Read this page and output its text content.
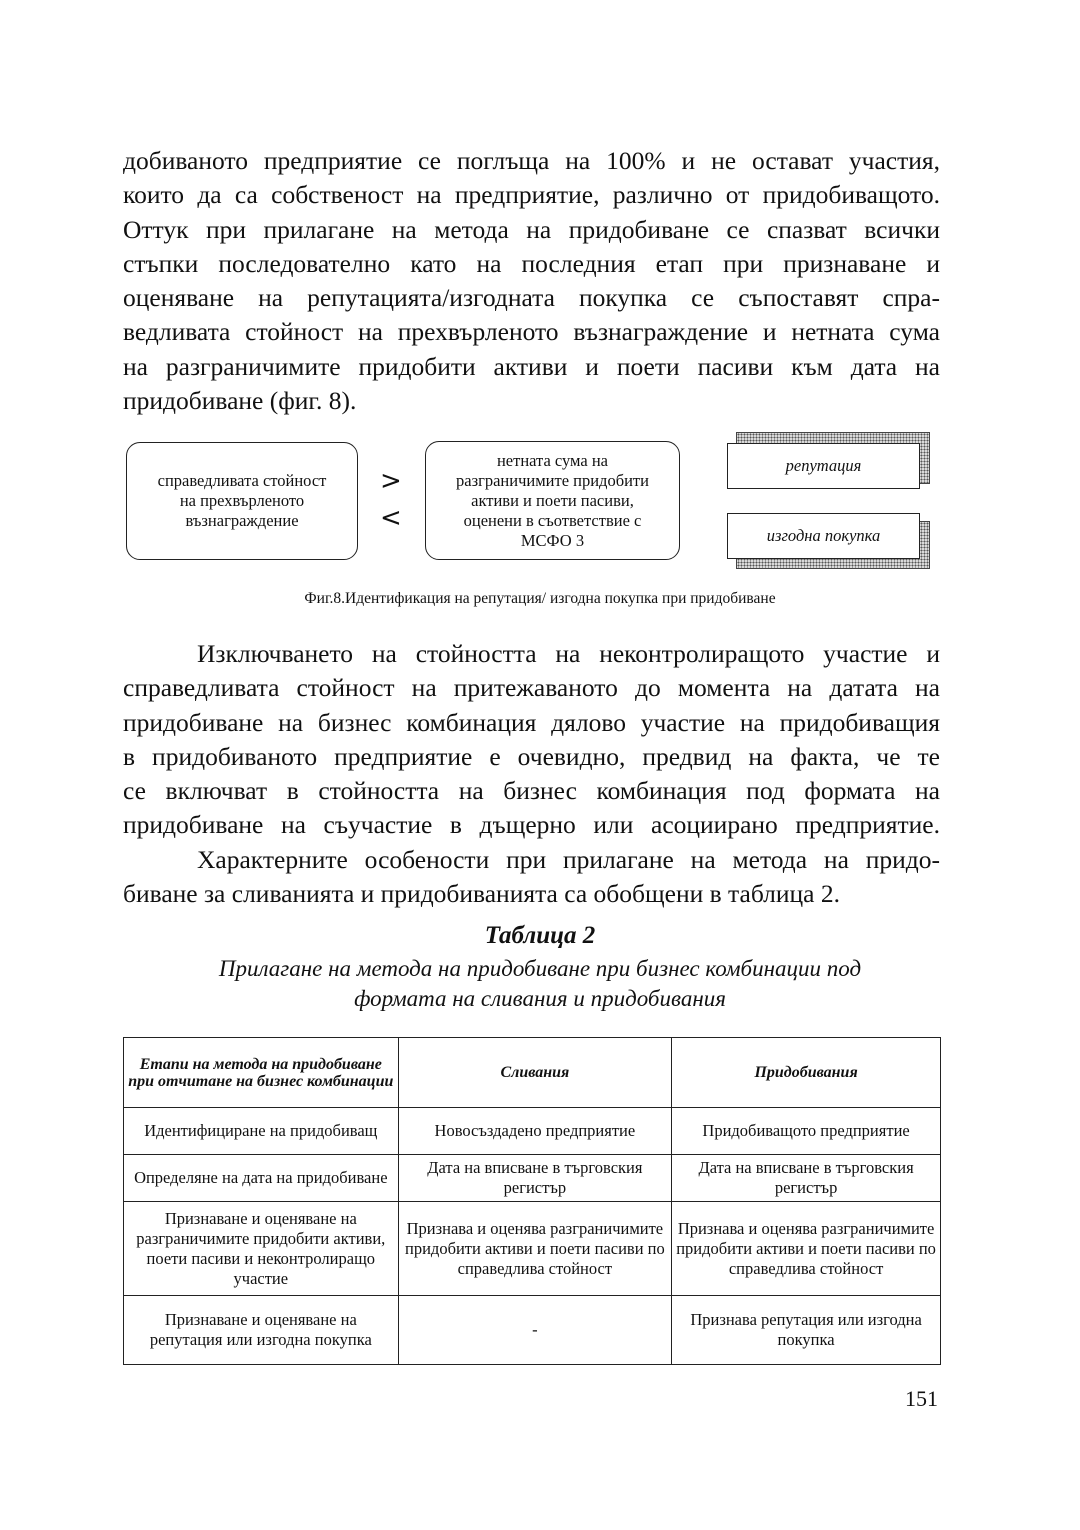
добиваното предприятие се поглъща на 100% и не остават участия,
които да са собственост на предприятие, различно от придобиващото.
Оттук при прилагане на метода на придобиване се спазват всички
стъпки последователно като на последния етап при признаване и
оценяване на репутацията/изгодната покупка се съпоставят спра-
ведливата стойност на прехвърленото възнаграждение и нетната сума
на разграничимите придобити активи и поети пасиви към дата на
придобиване (фиг. 8).
справедливата стойност
на прехвърленото
възнаграждение
>
<
нетната сума на
разграничимите придобити
активи и поети пасиви,
оценени в съответствие с
МСФО 3
репутация
изгодна покупка
Фиг.8.Идентификация на репутация/ изгодна покупка при придобиване
Изключването на стойността на неконтролиращото участие и
справедливата стойност на притежаваното до момента на датата на
придобиване на бизнес комбинация дялово участие на придобиващия
в придобиваното предприятие е очевидно, предвид на факта, че те
се включват в стойността на бизнес комбинация под формата на
придобиване на съучастие в дъщерно или асоциирано предприятие.
Характерните особености при прилагане на метода на придо-
биване за сливанията и придобиванията са обобщени в таблица 2.
Таблица 2
Прилагане на метода на придобиване при бизнес комбинации под
формата на сливания и придобивания
Етапи на метода на придобиване при отчитане на бизнес комбинации	Сливания	Придобивания
Идентифициране на придобиващ	Новосъздадено предприятие	Придобиващото предприятие
Определяне на дата на придобиване	Дата на вписване в търговския регистър	Дата на вписване в търговския регистър
Признаване и оценяване на разграничимите придобити активи, поети пасиви и неконтролиращо участие	Признава и оценява разграничимите придобити активи и поети пасиви по справедлива стойност	Признава и оценява разграничимите придобити активи и поети пасиви по справедлива стойност
Признаване и оценяване на репутация или изгодна покупка	-	Признава репутация или изгодна покупка
151
